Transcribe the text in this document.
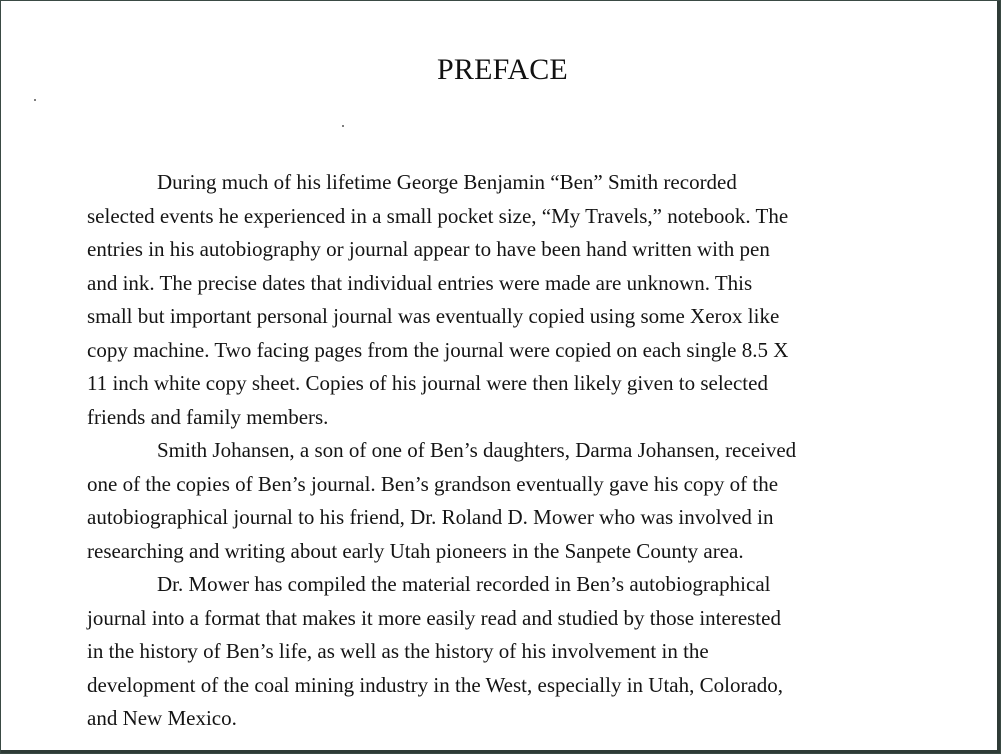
PREFACE
During much of his lifetime George Benjamin “Ben” Smith recorded
selected events he experienced in a small pocket size, “My Travels,” notebook. The
entries in his autobiography or journal appear to have been hand written with pen
and ink. The precise dates that individual entries were made are unknown. This
small but important personal journal was eventually copied using some Xerox like
copy machine. Two facing pages from the journal were copied on each single 8.5 X
11 inch white copy sheet. Copies of his journal were then likely given to selected
friends and family members.
Smith Johansen, a son of one of Ben’s daughters, Darma Johansen, received
one of the copies of Ben’s journal. Ben’s grandson eventually gave his copy of the
autobiographical journal to his friend, Dr. Roland D. Mower who was involved in
researching and writing about early Utah pioneers in the Sanpete County area.
Dr. Mower has compiled the material recorded in Ben’s autobiographical
journal into a format that makes it more easily read and studied by those interested
in the history of Ben’s life, as well as the history of his involvement in the
development of the coal mining industry in the West, especially in Utah, Colorado,
and New Mexico.
